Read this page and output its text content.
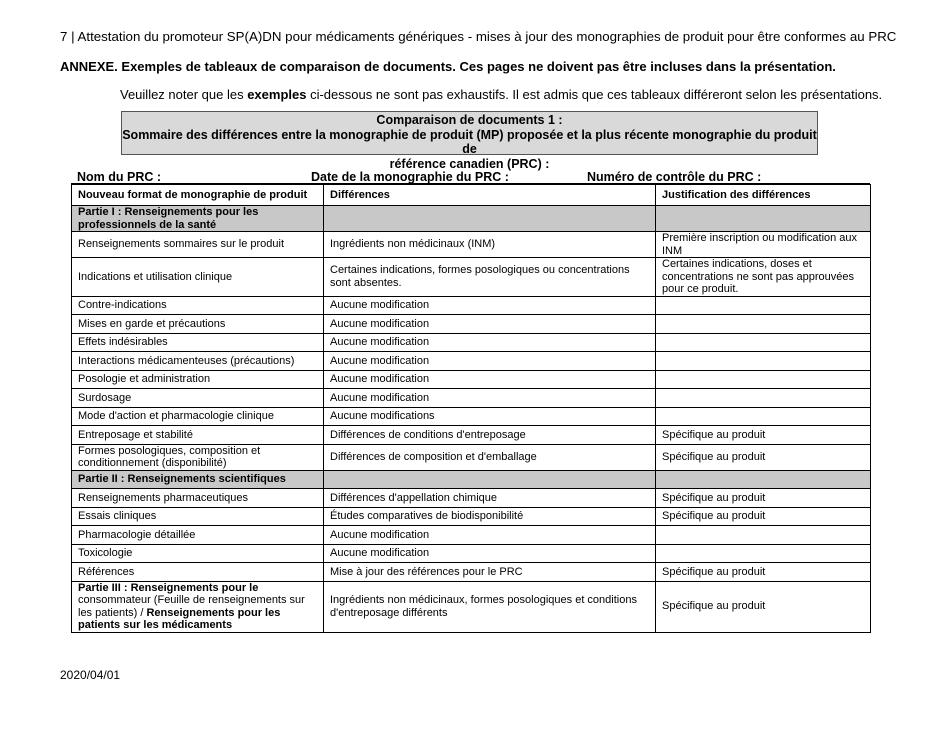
7 | Attestation du promoteur SP(A)DN pour médicaments génériques - mises à jour des monographies de produit pour être conformes au PRC
ANNEXE. Exemples de tableaux de comparaison de documents. Ces pages ne doivent pas être incluses dans la présentation.
Veuillez noter que les exemples ci-dessous ne sont pas exhaustifs. Il est admis que ces tableaux différeront selon les présentations.
Comparaison de documents 1 :
Sommaire des différences entre la monographie de produit (MP) proposée et la plus récente monographie du produit de
référence canadien (PRC) :
Nom du PRC :	Date de la monographie du PRC :	Numéro de contrôle du PRC :
Nouveau format de monographie de produit	Différences	Justification des différences
Partie I : Renseignements pour les professionnels de la santé		
Renseignements sommaires sur le produit	Ingrédients non médicinaux (INM)	Première inscription ou modification aux INM
Indications et utilisation clinique	Certaines indications, formes posologiques ou concentrations sont absentes.	Certaines indications, doses et concentrations ne sont pas approuvées pour ce produit.
Contre-indications	Aucune modification	
Mises en garde et précautions	Aucune modification	
Effets indésirables	Aucune modification	
Interactions médicamenteuses (précautions)	Aucune modification	
Posologie et administration	Aucune modification	
Surdosage	Aucune modification	
Mode d'action et pharmacologie clinique	Aucune modifications	
Entreposage et stabilité	Différences de conditions d'entreposage	Spécifique au produit
Formes posologiques, composition et conditionnement (disponibilité)	Différences de composition et d'emballage	Spécifique au produit
Partie II : Renseignements scientifiques		
Renseignements pharmaceutiques	Différences d'appellation chimique	Spécifique au produit
Essais cliniques	Études comparatives de biodisponibilité	Spécifique au produit
Pharmacologie détaillée	Aucune modification	
Toxicologie	Aucune modification	
Références	Mise à jour des références pour le PRC	Spécifique au produit
Partie III : Renseignements pour le consommateur (Feuille de renseignements sur les patients) / Renseignements pour les patients sur les médicaments	Ingrédients non médicinaux, formes posologiques et conditions d'entreposage différents	Spécifique au produit
2020/04/01
